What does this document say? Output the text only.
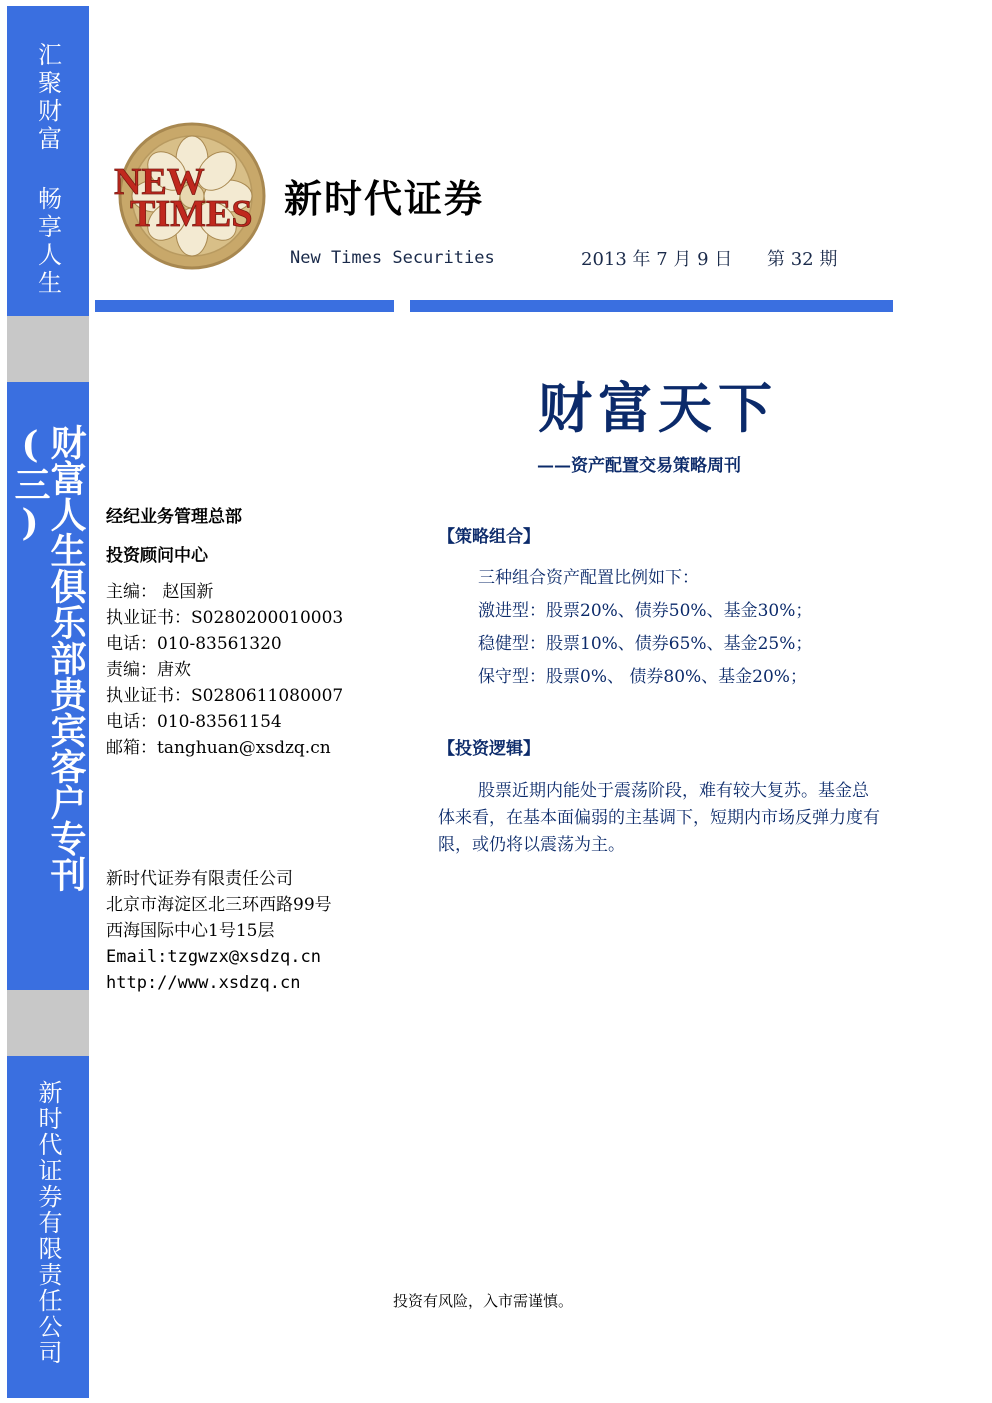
汇聚财富 畅享人生
财富人生俱乐部贵宾客户专刊(三)
新时代证券有限责任公司
NEW
TIMES 新时代证券
New Times Securities	2013 年 7 月 9 日 第 32 期
财富天下
——资产配置交易策略周刊
经纪业务管理总部
投资顾问中心
主编： 赵国新
执业证书：S0280200010003
电话：010-83561320
责编：唐欢
执业证书：S0280611080007
电话：010-83561154
邮箱：tanghuan@xsdzq.cn
新时代证券有限责任公司
北京市海淀区北三环西路99号
西海国际中心1号15层
Email:tzgwzx@xsdzq.cn
http://www.xsdzq.cn
【策略组合】
三种组合资产配置比例如下：
激进型：股票20%、债券50%、基金30%；
稳健型：股票10%、债券65%、基金25%；
保守型：股票0%、 债券80%、基金20%；
【投资逻辑】
股票近期内能处于震荡阶段，难有较大复苏。基金总体来看，在基本面偏弱的主基调下，短期内市场反弹力度有限，或仍将以震荡为主。
投资有风险，入市需谨慎。
